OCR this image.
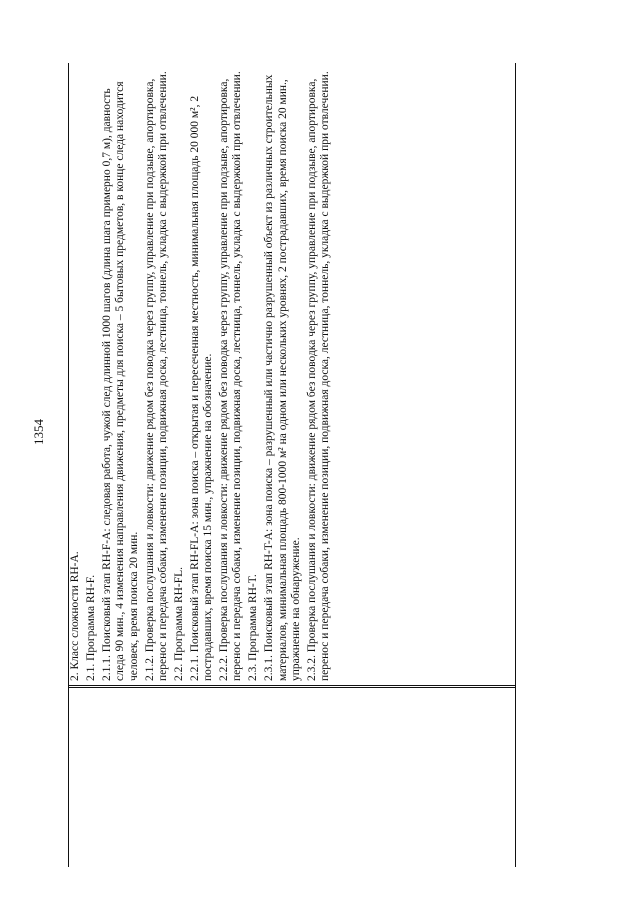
1354

2. Класс сложности RH-A. 2.1. Программа RH-F. 2.1.1. Поисковый этап RH-F-A: следовая работа, чужой след длинной 1000 шагов (длина шага примерно 0,7 м), давность следа 90 мин., 4 изменения направления движения, предметы для поиска – 5 бытовых предметов, в конце следа находится человек, время поиска 20 мин. 2.1.2. Проверка послушания и ловкости: движение рядом без поводка через группу, управление при подзыве, апортировка, перенос и передача собаки, изменение позиции, подвижная доска, лестница, тоннель, укладка с выдержкой при отвлечении. 2.2. Программа RH-FL. 2.2.1. Поисковый этап RH-FL-A: зона поиска – открытая и пересеченная местность, минимальная площадь 20 000 м², 2 пострадавших, время поиска 15 мин., упражнение на обозначение. 2.2.2. Проверка послушания и ловкости: движение рядом без поводка через группу, управление при подзыве, апортировка, перенос и передача собаки, изменение позиции, подвижная доска, лестница, тоннель, укладка с выдержкой при отвлечении. 2.3. Программа RH-T. 2.3.1. Поисковый этап RH-T-A: зона поиска – разрушенный или частично разрушенный объект из различных строительных материалов, минимальная площадь 800-1000 м² на одном или нескольких уровнях, 2 пострадавших, время поиска 20 мин., упражнение на обнаружение. 2.3.2. Проверка послушания и ловкости: движение рядом без поводка через группу, управление при подзыве, апортировка, перенос и передача собаки, изменение позиции, подвижная доска, лестница, тоннель, укладка с выдержкой при отвлечении.
